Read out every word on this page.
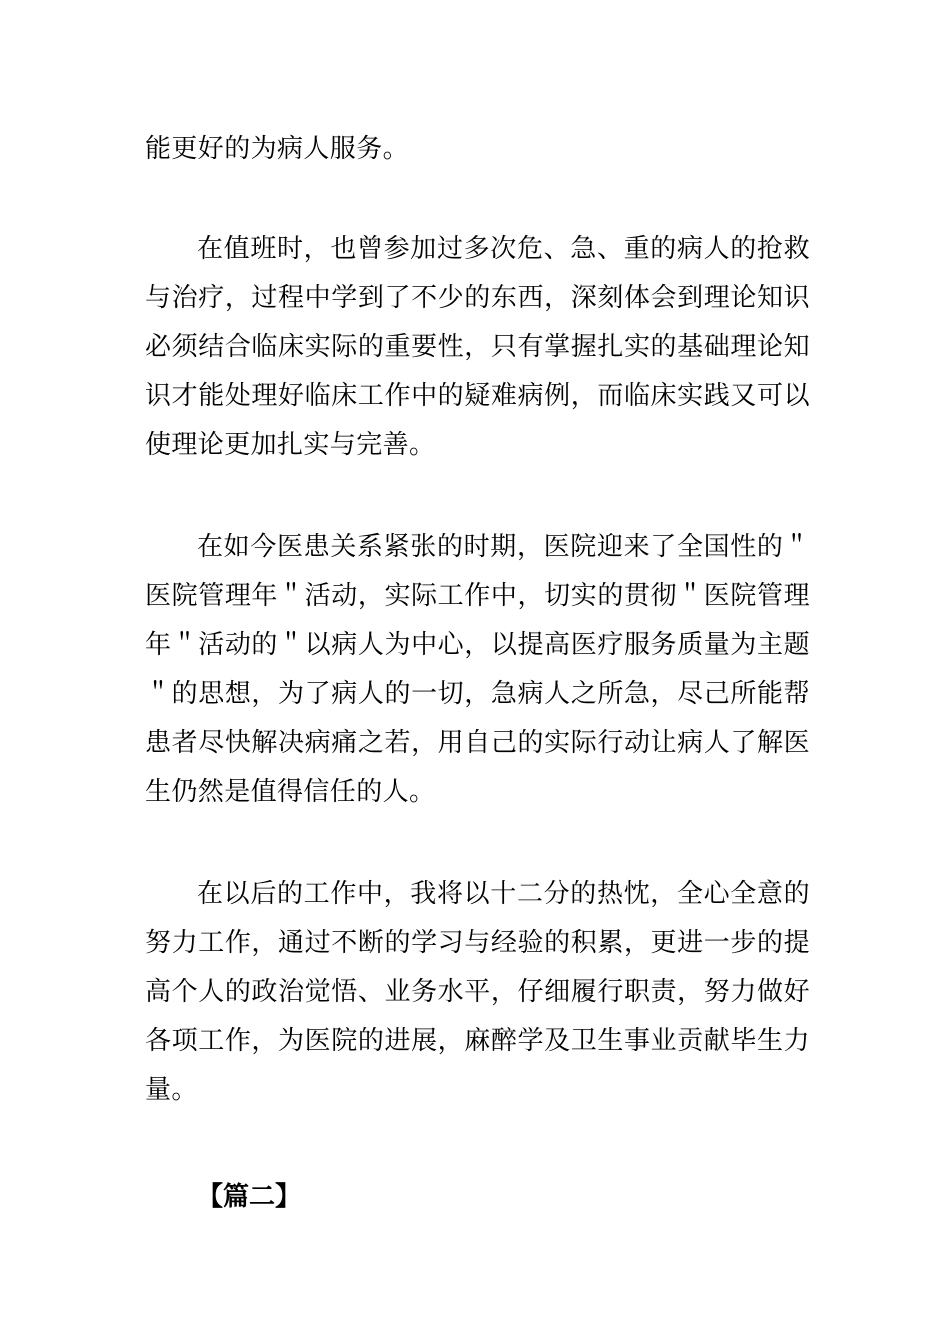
能更好的为病人服务。

在值班时，也曾参加过多次危、急、重的病人的抢救与治疗，过程中学到了不少的东西，深刻体会到理论知识必须结合临床实际的重要性，只有掌握扎实的基础理论知识才能处理好临床工作中的疑难病例，而临床实践又可以使理论更加扎实与完善。

在如今医患关系紧张的时期，医院迎来了全国性的＂医院管理年＂活动，实际工作中，切实的贯彻＂医院管理年＂活动的＂以病人为中心，以提高医疗服务质量为主题＂的思想，为了病人的一切，急病人之所急，尽己所能帮患者尽快解决病痛之若，用自己的实际行动让病人了解医生仍然是值得信任的人。

在以后的工作中，我将以十二分的热忱，全心全意的努力工作，通过不断的学习与经验的积累，更进一步的提高个人的政治觉悟、业务水平，仔细履行职责，努力做好各项工作，为医院的进展，麻醉学及卫生事业贡献毕生力量。

【篇二】
